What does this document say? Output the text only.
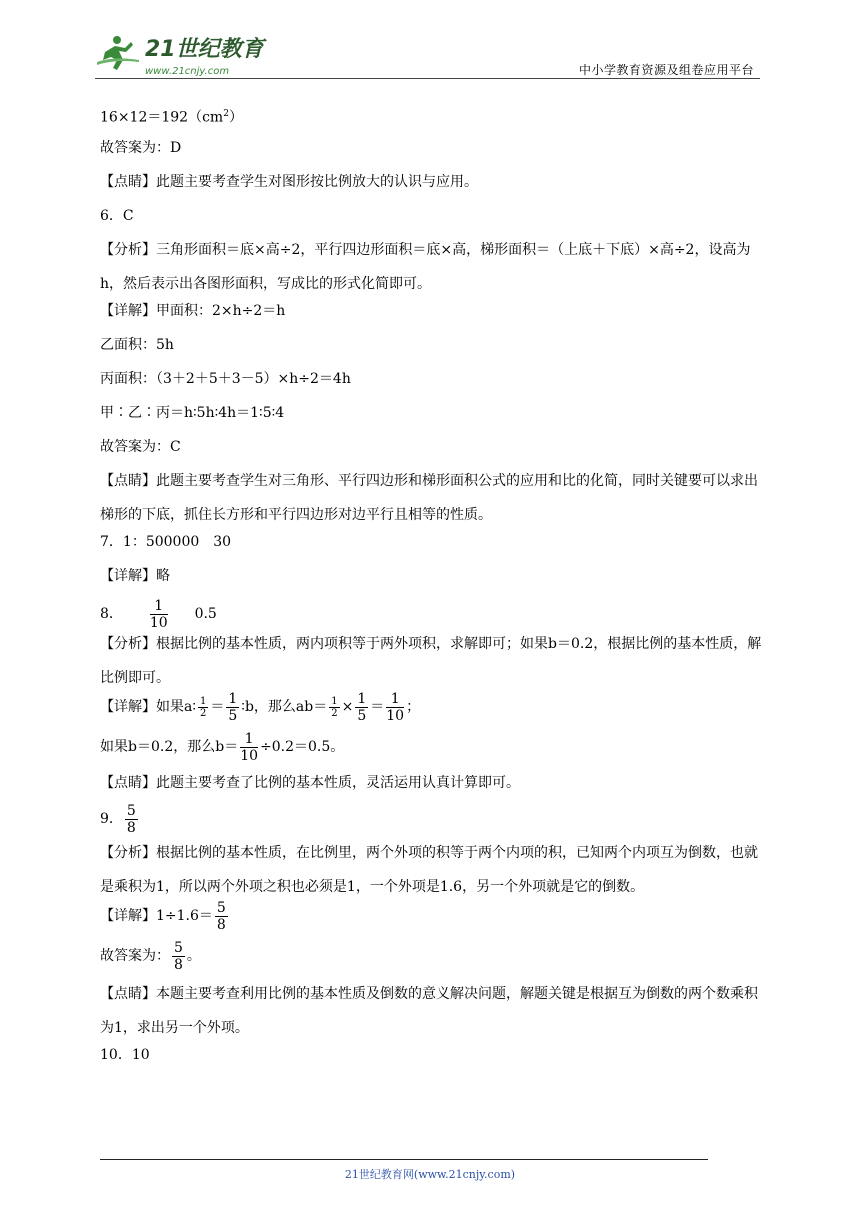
21世纪教育
www.21cnjy.com	中小学教育资源及组卷应用平台
$16\times 12=192(cm^2)$
故答案为：D
【点睛】此题主要考查学生对图形按比例放大的认识与应用。
6．C
【分析】三角形面积＝底×高÷2，平行四边形面积＝底×高，梯形面积＝（上底＋下底）×高÷2，设高为h，然后表示出各图形面积，写成比的形式化简即可。
【详解】甲面积：2×h÷2＝h
乙面积：5h
丙面积：（3＋2＋5＋3－5）×h÷2＝4h
甲∶乙∶丙＝h∶5h∶4h＝1∶5∶4
故答案为：C
【点睛】此题主要考查学生对三角形、平行四边形和梯形面积公式的应用和比的化简，同时关键要可以求出梯形的下底，抓住长方形和平行四边形对边平行且相等的性质。
7．1：500000　30
【详解】略
8． $\frac{1}{10} 0.5$
【分析】根据比例的基本性质，两内项积等于两外项积，求解即可；如果b＝0.2，根据比例的基本性质，解比例即可。
【详解】如果a∶ $\frac{1}{2} = \frac{1}{5}$ ∶b，那么$ab= \frac{1}{2} \times \frac{1}{5} = \frac{1}{10}$ ；
如果b＝0.2，那么$b= \frac{1}{10} \div 0.2=0.5$。
【点睛】此题主要考查了比例的基本性质，灵活运用认真计算即可。
9． $\frac{5}{8}$
【分析】根据比例的基本性质，在比例里，两个外项的积等于两个内项的积，已知两个内项互为倒数，也就是乘积为1，所以两个外项之积也必须是1，一个外项是1.6，另一个外项就是它的倒数。
【详解】$1\div 1.6= \frac{5}{8}$
故答案为： $\frac{5}{8}$ 。
【点睛】本题主要考查利用比例的基本性质及倒数的意义解决问题，解题关键是根据互为倒数的两个数乘积为1，求出另一个外项。
10．10
21世纪教育网(www.21cnjy.com)
